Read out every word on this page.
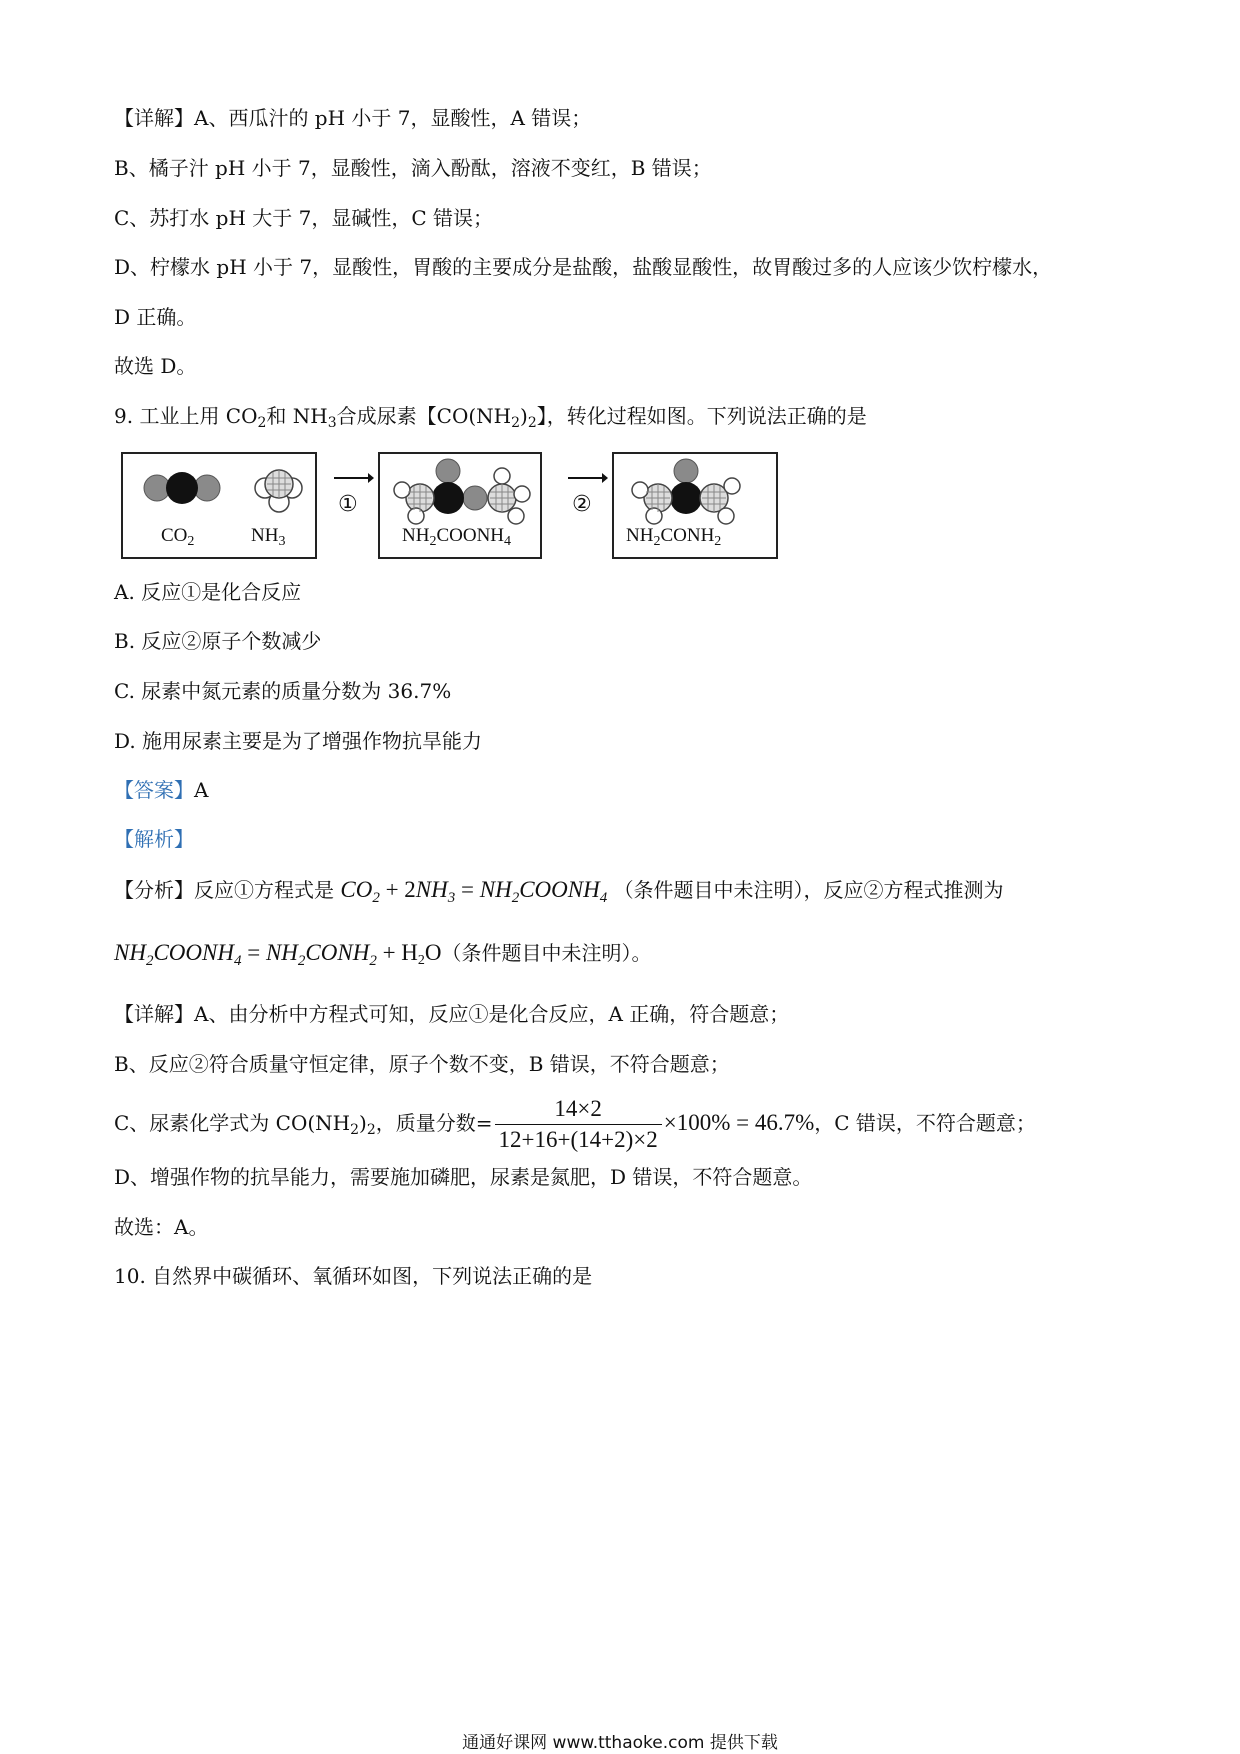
【详解】A、西瓜汁的 pH 小于 7，显酸性，A 错误；
B、橘子汁 pH 小于 7，显酸性，滴入酚酞，溶液不变红，B 错误；
C、苏打水 pH 大于 7，显碱性，C 错误；
D、柠檬水 pH 小于 7，显酸性，胃酸的主要成分是盐酸，盐酸显酸性，故胃酸过多的人应该少饮柠檬水，
D 正确。
故选 D。
9. 工业上用 $CO_2$和 $NH_3$合成尿素【$CO(NH_2)_2$】，转化过程如图。下列说法正确的是
$CO_2$	$NH_3$
①
$NH_2COONH_4$
②
$NH_2CONH_2$
A. 反应①是化合反应
B. 反应②原子个数减少
C. 尿素中氮元素的质量分数为 36.7%
D. 施用尿素主要是为了增强作物抗旱能力
【答案】A
【解析】
【分析】反应①方程式是 $CO_2 + 2NH_3$ = $NH_2COONH_4$ （条件题目中未注明），反应②方程式推测为
$NH_2COONH_4$ = $NH_2CONH_2 + H_2O$（条件题目中未注明）。
【详解】A、由分析中方程式可知，反应①是化合反应，A 正确，符合题意；
B、反应②符合质量守恒定律，原子个数不变，B 错误，不符合题意；
C、尿素化学式为 $CO(NH_2)_2$，质量分数= $\frac{14\times 2}{12+16+(14+2)\times 2} \times 100\% = 46.7\%$，C 错误，不符合题意；
D、增强作物的抗旱能力，需要施加磷肥，尿素是氮肥，D 错误，不符合题意。
故选：A。
10. 自然界中碳循环、氧循环如图，下列说法正确的是
通通好课网 www.tthaoke.com 提供下载
